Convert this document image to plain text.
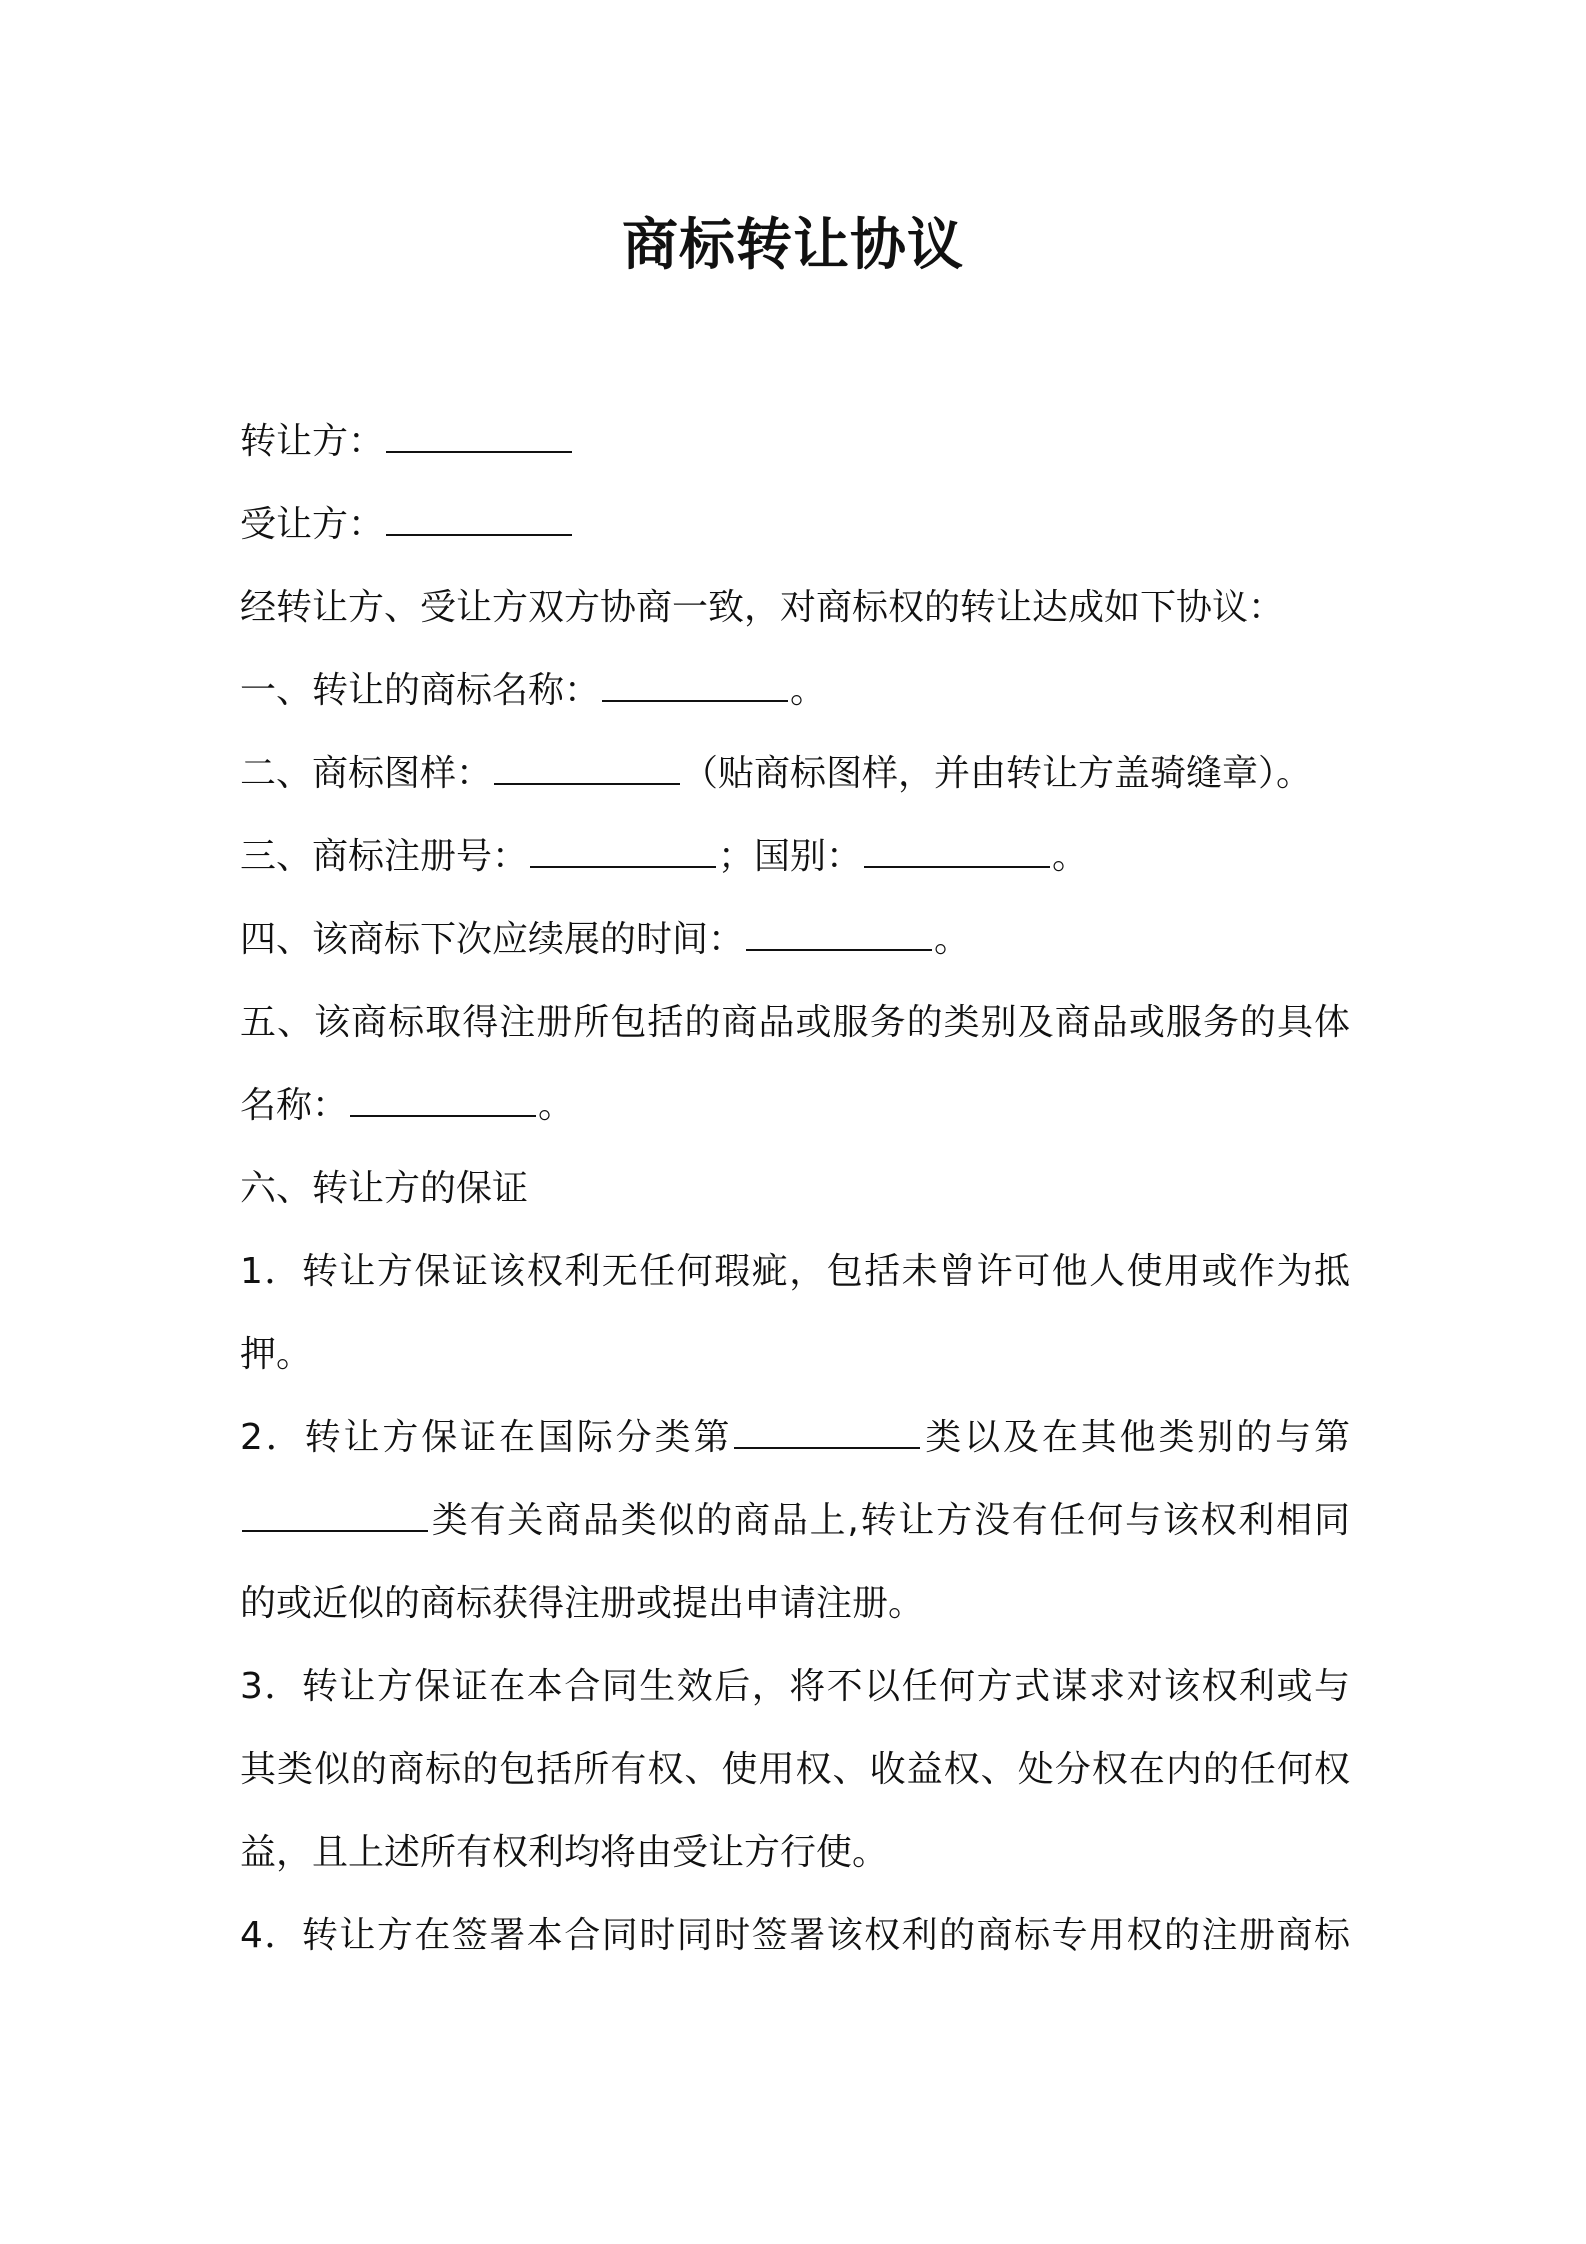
商标转让协议

转让方：

受让方：

经转让方、受让方双方协商一致，对商标权的转让达成如下协议：

一、转让的商标名称：	。

二、商标图样：	（贴商标图样，并由转让方盖骑缝章）。

三、商标注册号：	；国别：	。

四、该商标下次应续展的时间：	。

五、该商标取得注册所包括的商品或服务的类别及商品或服务的具体

名称：	。

六、转让方的保证

1．转让方保证该权利无任何瑕疵，包括未曾许可他人使用或作为抵

押。

2．转让方保证在国际分类第	类以及在其他类别的与第

类有关商品类似的商品上,转让方没有任何与该权利相同

的或近似的商标获得注册或提出申请注册。

3．转让方保证在本合同生效后，将不以任何方式谋求对该权利或与

其类似的商标的包括所有权、使用权、收益权、处分权在内的任何权

益，且上述所有权利均将由受让方行使。

4．转让方在签署本合同时同时签署该权利的商标专用权的注册商标
